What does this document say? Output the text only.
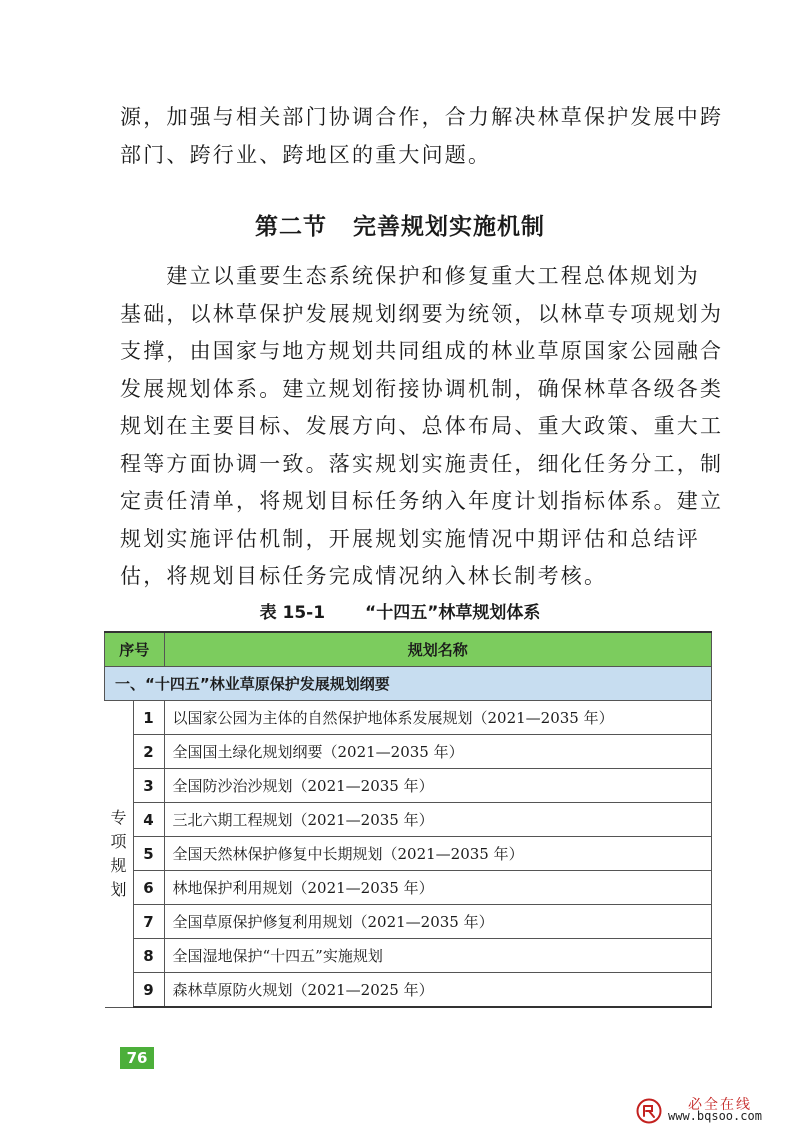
源，加强与相关部门协调合作，合力解决林草保护发展中跨
部门、跨行业、跨地区的重大问题。
第二节 完善规划实施机制
　　建立以重要生态系统保护和修复重大工程总体规划为
基础，以林草保护发展规划纲要为统领，以林草专项规划为
支撑，由国家与地方规划共同组成的林业草原国家公园融合
发展规划体系。建立规划衔接协调机制，确保林草各级各类
规划在主要目标、发展方向、总体布局、重大政策、重大工
程等方面协调一致。落实规划实施责任，细化任务分工，制
定责任清单，将规划目标任务纳入年度计划指标体系。建立
规划实施评估机制，开展规划实施情况中期评估和总结评
估，将规划目标任务完成情况纳入林长制考核。
表 15-1 “十四五”林草规划体系
序号		规划名称
一、“十四五”林业草原保护发展规划纲要		

专
项
规
划	1	以国家公园为主体的自然保护地体系发展规划（2021—2035 年）
	2	全国国土绿化规划纲要（2021—2035 年）
	3	全国防沙治沙规划（2021—2035 年）
	4	三北六期工程规划（2021—2035 年）
	5	全国天然林保护修复中长期规划（2021—2035 年）
	6	林地保护利用规划（2021—2035 年）
	7	全国草原保护修复利用规划（2021—2035 年）
	8	全国湿地保护“十四五”实施规划
	9	森林草原防火规划（2021—2025 年）
76
必全在线
www.bqsoo.com
